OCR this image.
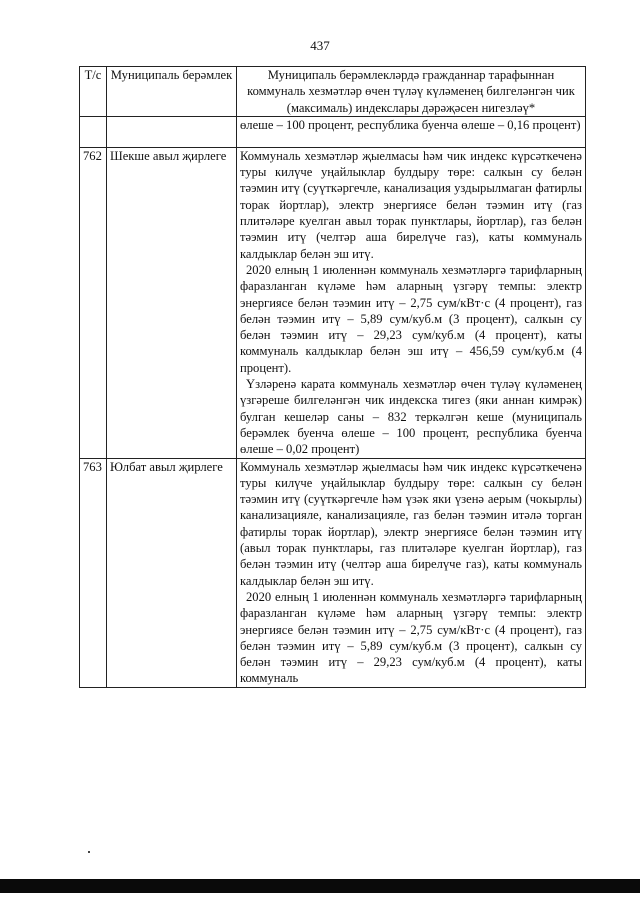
437
Т/с	Муниципаль берәмлек	Муниципаль берәмлекләрдә гражданнар тарафыннан коммуналь хезмәтләр өчен түләү күләменең билгеләнгән чик (максималь) индекслары дәрәҗәсен нигезләү*

		өлеше – 100 процент, республика буенча өлеше – 0,16 процент)

762	Шекше авыл җирлеге	Коммуналь хезмәтләр җыелмасы һәм чик индекс күрсәткеченә туры килүче уңайлыклар булдыру төре: салкын су белән тәэмин итү (суүткәргечле, канализация уздырылмаган фатирлы торак йортлар), электр энергиясе белән тәэмин итү (газ плитәләре куелган авыл торак пунктлары, йортлар), газ белән тәэмин итү (челтәр аша бирелүче газ), каты коммуналь калдыклар белән эш итү.

2020 елның 1 июленнән коммуналь хезмәтләргә тарифларның фаразланган күләме һәм аларның үзгәрү темпы: электр энергиясе белән тәэмин итү – 2,75 сум/кВт·с (4 процент), газ белән тәэмин итү – 5,89 сум/куб.м (3 процент), салкын су белән тәэмин итү – 29,23 сум/куб.м (4 процент), каты коммуналь калдыклар белән эш итү – 456,59 сум/куб.м (4 процент).

Үзләренә карата коммуналь хезмәтләр өчен түләү күләменең үзгәреше билгеләнгән чик индекска тигез (яки аннан кимрәк) булган кешеләр саны – 832 теркәлгән кеше (муниципаль берәмлек буенча өлеше – 100 процент, республика буенча өлеше – 0,02 процент)

763	Юлбат авыл җирлеге	Коммуналь хезмәтләр җыелмасы һәм чик индекс күрсәткеченә туры килүче уңайлыклар булдыру төре: салкын су белән тәэмин итү (суүткәргечле һәм үзәк яки үзенә аерым (чокырлы) канализацияле, канализацияле, газ белән тәэмин итәлә торган фатирлы торак йортлар), электр энергиясе белән тәэмин итү (авыл торак пунктлары, газ плитәләре куелган йортлар), газ белән тәэмин итү (челтәр аша бирелүче газ), каты коммуналь калдыклар белән эш итү.

2020 елның 1 июленнән коммуналь хезмәтләргә тарифларның фаразланган күләме һәм аларның үзгәрү темпы: электр энергиясе белән тәэмин итү – 2,75 сум/кВт·с (4 процент), газ белән тәэмин итү – 5,89 сум/куб.м (3 процент), салкын су белән тәэмин итү – 29,23 сум/куб.м (4 процент), каты коммуналь
